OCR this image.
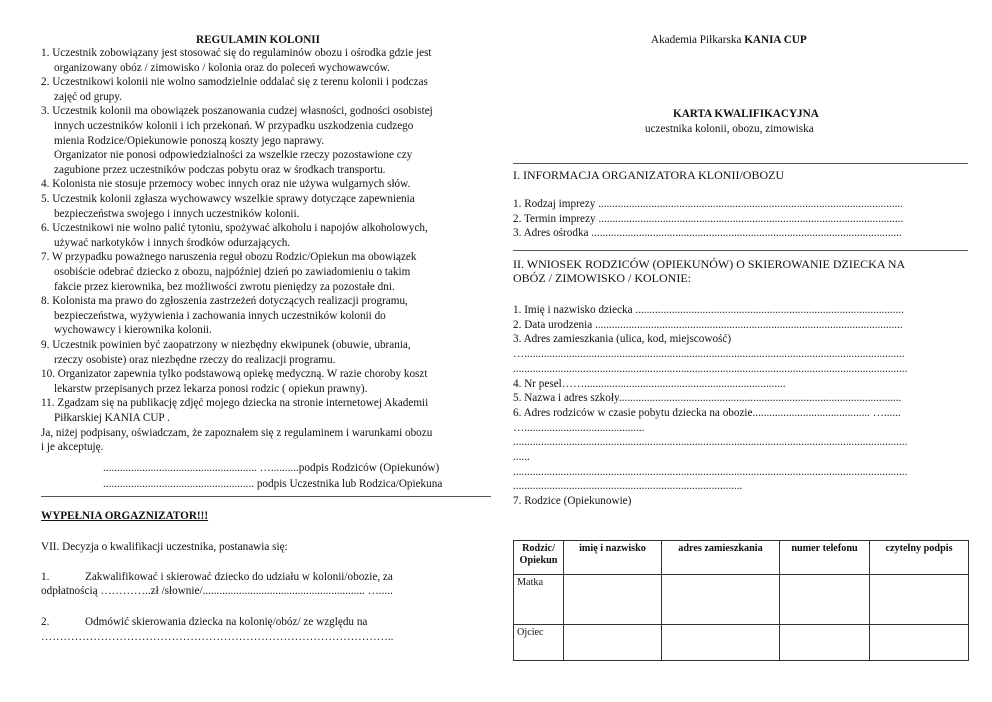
REGULAMIN KOLONII
1. Uczestnik zobowiązany jest stosować się do regulaminów obozu i ośrodka gdzie jest
organizowany obóz / zimowisko / kolonia oraz do poleceń wychowawców.
2. Uczestnikowi kolonii nie wolno samodzielnie oddalać się z terenu kolonii i podczas
zajęć od grupy.
3. Uczestnik kolonii ma obowiązek poszanowania cudzej własności, godności osobistej
innych uczestników kolonii i ich przekonań. W przypadku uszkodzenia cudzego
mienia Rodzice/Opiekunowie ponoszą koszty jego naprawy.
Organizator nie ponosi odpowiedzialności za wszelkie rzeczy pozostawione czy
zagubione przez uczestników podczas pobytu oraz w środkach transportu.
4. Kolonista nie stosuje przemocy wobec innych oraz nie używa wulgarnych słów.
5. Uczestnik kolonii zgłasza wychowawcy wszelkie sprawy dotyczące zapewnienia
bezpieczeństwa swojego i innych uczestników kolonii.
6. Uczestnikowi nie wolno palić tytoniu, spożywać alkoholu i napojów alkoholowych,
używać narkotyków i innych środków odurzających.
7. W przypadku poważnego naruszenia reguł obozu Rodzic/Opiekun ma obowiązek
osobiście odebrać dziecko z obozu, najpóźniej dzień po zawiadomieniu o takim
fakcie przez kierownika, bez możliwości zwrotu pieniędzy za pozostałe dni.
8. Kolonista ma prawo do zgłoszenia zastrzeżeń dotyczących realizacji programu,
bezpieczeństwa, wyżywienia i zachowania innych uczestników kolonii do
wychowawcy i kierownika kolonii.
9. Uczestnik powinien być zaopatrzony w niezbędny ekwipunek (obuwie, ubrania,
rzeczy osobiste) oraz niezbędne rzeczy do realizacji programu.
10. Organizator zapewnia tylko podstawową opiekę medyczną. W razie choroby koszt
lekarstw przepisanych przez lekarza ponosi rodzic ( opiekun prawny).
11. Zgadzam się na publikację zdjęć mojego dziecka na stronie internetowej Akademii
Piłkarskiej KANIA CUP .
Ja, niżej podpisany, oświadczam, że zapoznałem się z regulaminem i warunkami obozu
i je akceptuję.
....................................................... …..........podpis Rodziców (Opiekunów)
...................................................... podpis Uczestnika lub Rodzica/Opiekuna
WYPEŁNIA ORGAZNIZATOR!!!
VII. Decyzja o kwalifikacji uczestnika, postanawia się:
1.	Zakwalifikować i skierować dziecko do udziału w kolonii/obozie, za
odpłatnością …………..zł /słownie/.......................................................... ….....
2.	Odmówić skierowania dziecka na kolonię/obóz/ ze względu na
…………………………………………………………………………………..
Akademia Piłkarska KANIA CUP
KARTA KWALIFIKACYJNA
uczestnika kolonii, obozu, zimowiska
I. INFORMACJA ORGANIZATORA KLONII/OBOZU
1. Rodzaj imprezy .............................................................................................................
2. Termin imprezy .............................................................................................................
3. Adres ośrodka ...............................................................................................................
II. WNIOSEK RODZICÓW (OPIEKUNÓW) O SKIEROWANIE DZIECKA NA
OBÓZ / ZIMOWISKO / KOLONIE:
1. Imię i nazwisko dziecka ................................................................................................
2. Data urodzenia ..............................................................................................................
3. Adres zamieszkania (ulica, kod, miejscowość)
…........................................................................................................................................
.............................................................................................................................................
4. Nr pesel……........................................................................
5. Nazwa i adres szkoły.....................................................................................................
6. Adres rodziców w czasie pobytu dziecka na obozie.......................................... …......
…...........................................
.............................................................................................................................................
......
.............................................................................................................................................
..................................................................................
7. Rodzice (Opiekunowie)
Rodzic/
Opiekun	imię i nazwisko	adres zamieszkania	numer telefonu	czytelny podpis
Matka				
Ojciec				
